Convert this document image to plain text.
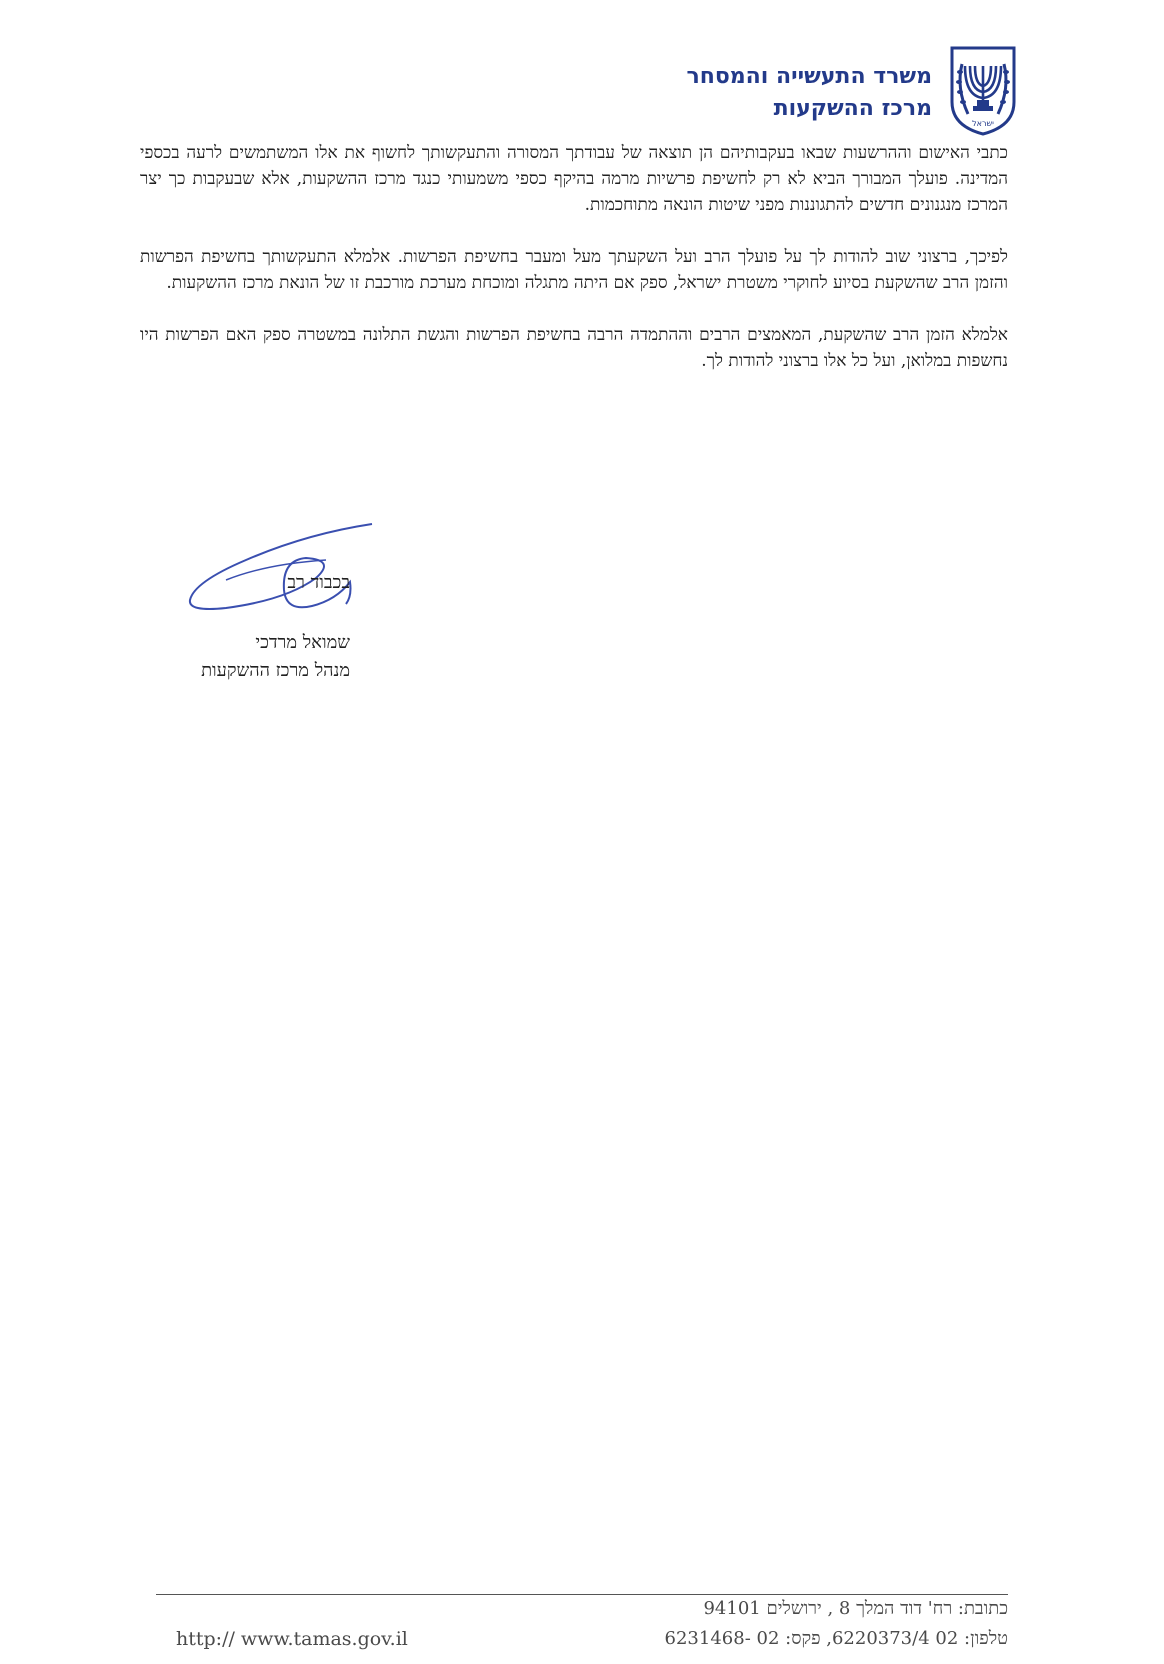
משרד התעשייה והמסחר
מרכז ההשקעות
ישראל

כתבי האישום וההרשעות שבאו בעקבותיהם הן תוצאה של עבודתך המסורה והתעקשותך לחשוף את אלו המשתמשים לרעה בכספי המדינה. פועלך המבורך הביא לא רק לחשיפת פרשיות מרמה בהיקף כספי משמעותי כנגד מרכז ההשקעות, אלא שבעקבות כך יצר המרכז מנגנונים חדשים להתגוננות מפני שיטות הונאה מתוחכמות.

לפיכך, ברצוני שוב להודות לך על פועלך הרב ועל השקעתך מעל ומעבר בחשיפת הפרשות. אלמלא התעקשותך בחשיפת הפרשות והזמן הרב שהשקעת בסיוע לחוקרי משטרת ישראל, ספק אם היתה מתגלה ומוכחת מערכת מורכבת זו של הונאת מרכז ההשקעות.

אלמלא הזמן הרב שהשקעת, המאמצים הרבים וההתמדה הרבה בחשיפת הפרשות והגשת התלונה במשטרה ספק האם הפרשות היו נחשפות במלואן, ועל כל אלו ברצוני להודות לך.

בכבוד רב
שמואל מרדכי
מנהל מרכז ההשקעות
כתובת: רח' דוד המלך 8 , ירושלים 94101
טלפון: 02 6220373/4, פקס: 02 -6231468
http:// www.tamas.gov.il
